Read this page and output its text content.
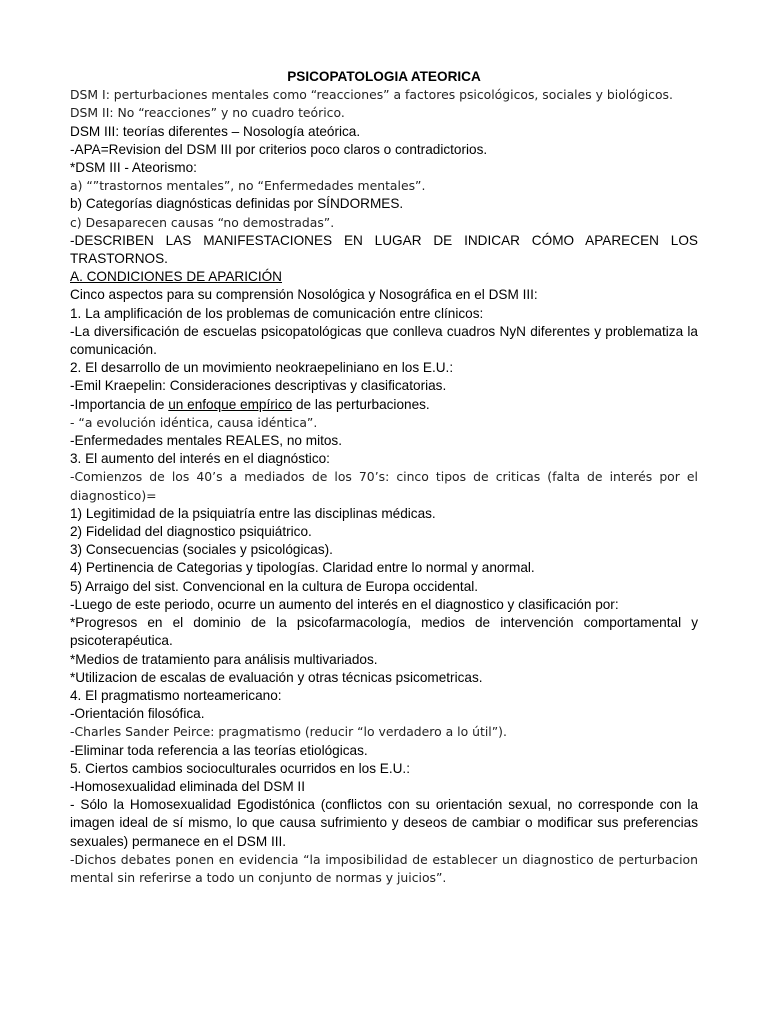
PSICOPATOLOGIA ATEORICA

DSM I: perturbaciones mentales como “reacciones” a factores psicológicos, sociales y biológicos.

DSM II: No “reacciones” y no cuadro teórico.

DSM III: teorías diferentes – Nosología ateórica.

-APA=Revision del DSM III por criterios poco claros o contradictorios.

*DSM III - Ateorismo:

a) “”trastornos mentales”, no “Enfermedades mentales”.

b) Categorías diagnósticas definidas por SÍNDORMES.

c) Desaparecen causas “no demostradas”.

-DESCRIBEN LAS MANIFESTACIONES EN LUGAR DE INDICAR CÓMO APARECEN LOS TRASTORNOS.

A. CONDICIONES DE APARICIÓN

Cinco aspectos para su comprensión Nosológica y Nosográfica en el DSM III:

1. La amplificación de los problemas de comunicación entre clínicos:

-La diversificación de escuelas psicopatológicas que conlleva cuadros NyN diferentes y problematiza la comunicación.

2. El desarrollo de un movimiento neokraepeliniano en los E.U.:

-Emil Kraepelin: Consideraciones descriptivas y clasificatorias.

-Importancia de un enfoque empírico de las perturbaciones.

- “a evolución idéntica, causa idéntica”.

-Enfermedades mentales REALES, no mitos.

3. El aumento del interés en el diagnóstico:

-Comienzos de los 40’s a mediados de los 70’s: cinco tipos de criticas (falta de interés por el diagnostico)=

1) Legitimidad de la psiquiatría entre las disciplinas médicas.

2) Fidelidad del diagnostico psiquiátrico.

3) Consecuencias (sociales y psicológicas).

4) Pertinencia de Categorias y tipologías. Claridad entre lo normal y anormal.

5) Arraigo del sist. Convencional en la cultura de Europa occidental.

-Luego de este periodo, ocurre un aumento del interés en el diagnostico y clasificación por:

*Progresos en el dominio de la psicofarmacología, medios de intervención comportamental y psicoterapéutica.

*Medios de tratamiento para análisis multivariados.

*Utilizacion de escalas de evaluación y otras técnicas psicometricas.

4. El pragmatismo norteamericano:

-Orientación filosófica.

-Charles Sander Peirce: pragmatismo (reducir “lo verdadero a lo útil”).

-Eliminar toda referencia a las teorías etiológicas.

5. Ciertos cambios socioculturales ocurridos en los E.U.:

-Homosexualidad eliminada del DSM II

- Sólo la Homosexualidad Egodistónica (conflictos con su orientación sexual, no corresponde con la imagen ideal de sí mismo, lo que causa sufrimiento y deseos de cambiar o modificar sus preferencias sexuales) permanece en el DSM III.

-Dichos debates ponen en evidencia “la imposibilidad de establecer un diagnostico de perturbacion mental sin referirse a todo un conjunto de normas y juicios”.
